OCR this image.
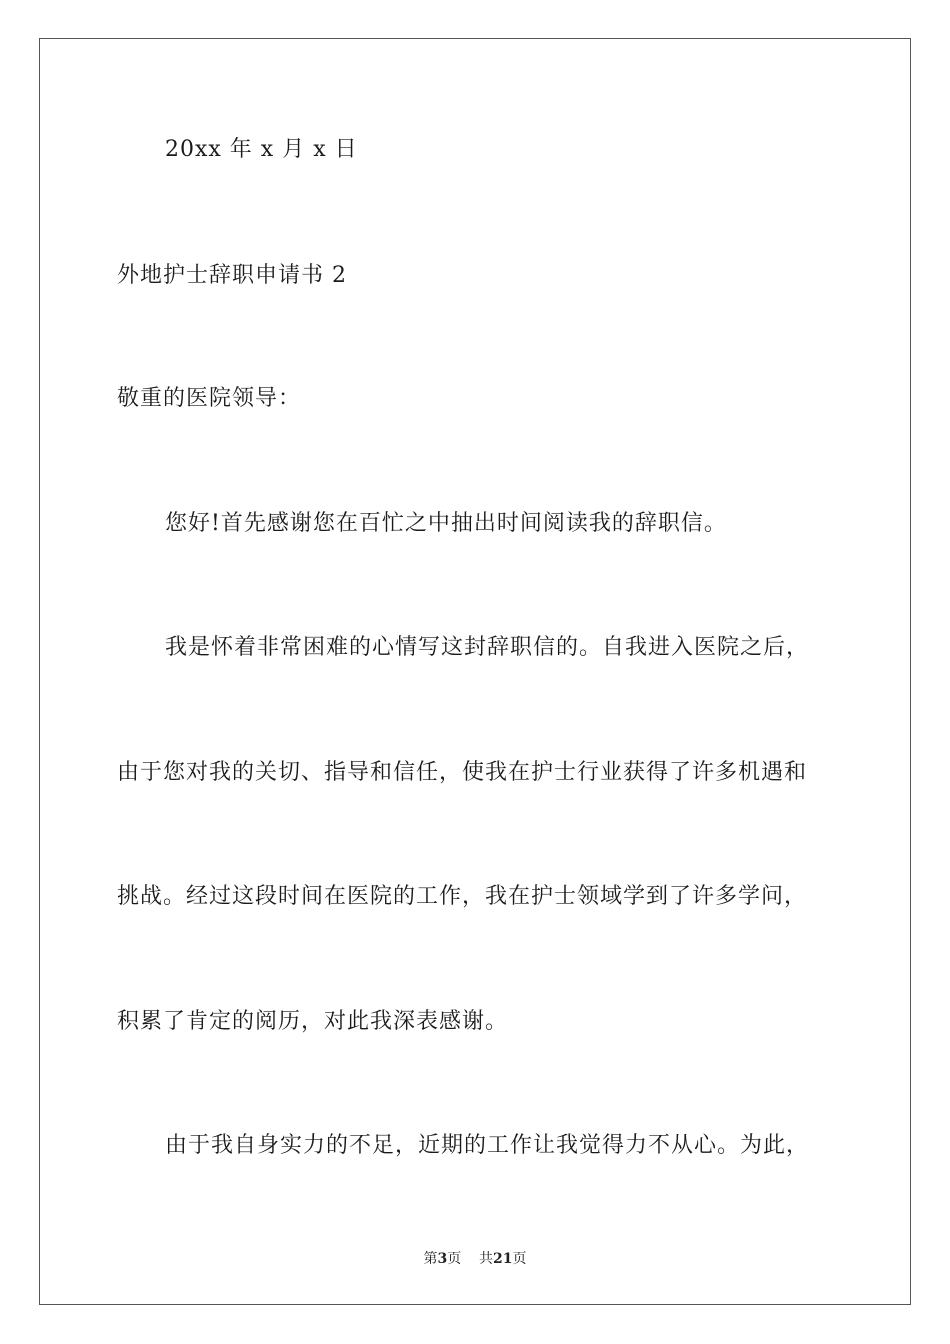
20xx 年 x 月 x 日
外地护士辞职申请书 2
敬重的医院领导：
您好!首先感谢您在百忙之中抽出时间阅读我的辞职信。
我是怀着非常困难的心情写这封辞职信的。自我进入医院之后，
由于您对我的关切、指导和信任，使我在护士行业获得了许多机遇和
挑战。经过这段时间在医院的工作，我在护士领域学到了许多学问，
积累了肯定的阅历，对此我深表感谢。
由于我自身实力的不足，近期的工作让我觉得力不从心。为此，
第3页 共21页
